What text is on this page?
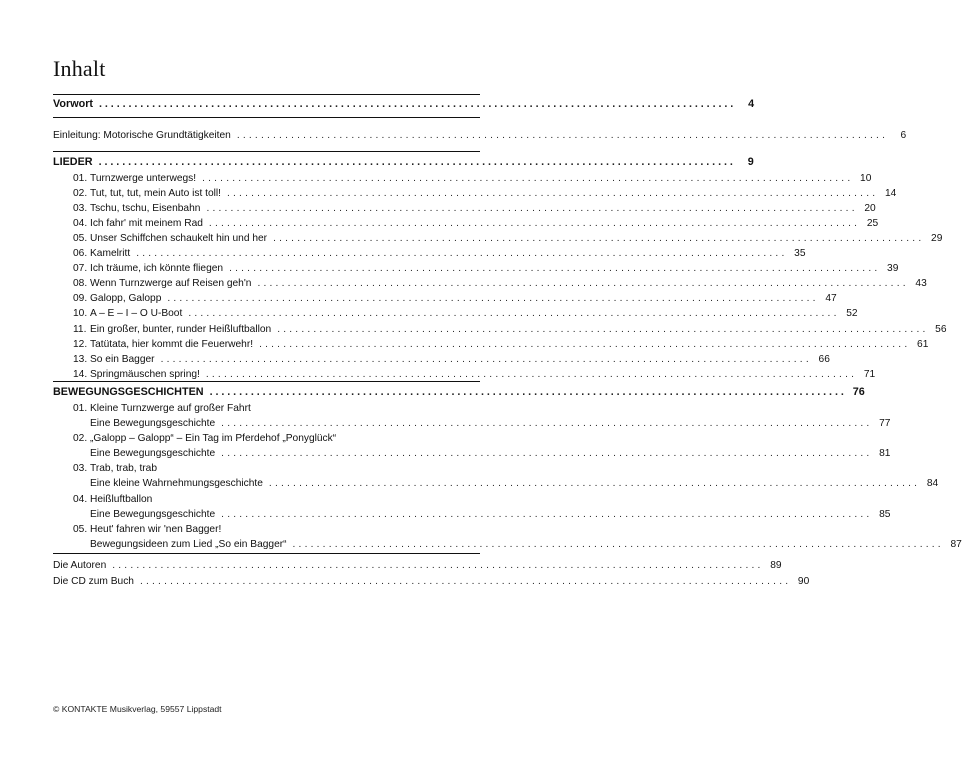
Inhalt
Vorwort ............................................................................................................	4
Einleitung: Motorische Grundtätigkeiten ............................................................................................................	6
LIEDER ............................................................................................................	9
01. Turnzwerge unterwegs! ............................................................................................................ 10
02. Tut, tut, tut, mein Auto ist toll! ............................................................................................................ 14
03. Tschu, tschu, Eisenbahn ............................................................................................................ 20
04. Ich fahr' mit meinem Rad ............................................................................................................ 25
05. Unser Schiffchen schaukelt hin und her ............................................................................................................ 29
06. Kamelritt ............................................................................................................ 35
07. Ich träume, ich könnte fliegen ............................................................................................................ 39
08. Wenn Turnzwerge auf Reisen geh'n ............................................................................................................ 43
09. Galopp, Galopp ............................................................................................................ 47
10. A – E – I – O U-Boot ............................................................................................................ 52
11. Ein großer, bunter, runder Heißluftballon ............................................................................................................ 56
12. Tatütata, hier kommt die Feuerwehr! ............................................................................................................ 61
13. So ein Bagger ............................................................................................................ 66
14. Springmäuschen spring! ............................................................................................................ 71
BEWEGUNGSGESCHICHTEN ............................................................................................................ 76
01. Kleine Turnzwerge auf großer Fahrt
Eine Bewegungsgeschichte ............................................................................................................ 77
02. „Galopp – Galopp“ – Ein Tag im Pferdehof „Ponyglück“
Eine Bewegungsgeschichte ............................................................................................................ 81
03. Trab, trab, trab
Eine kleine Wahrnehmungsgeschichte ............................................................................................................ 84
04. Heißluftballon
Eine Bewegungsgeschichte ............................................................................................................ 85
05. Heut' fahren wir 'nen Bagger!
Bewegungsideen zum Lied „So ein Bagger“ ............................................................................................................ 87
Die Autoren ............................................................................................................ 89
Die CD zum Buch ............................................................................................................ 90
© KONTAKTE Musikverlag, 59557 Lippstadt
